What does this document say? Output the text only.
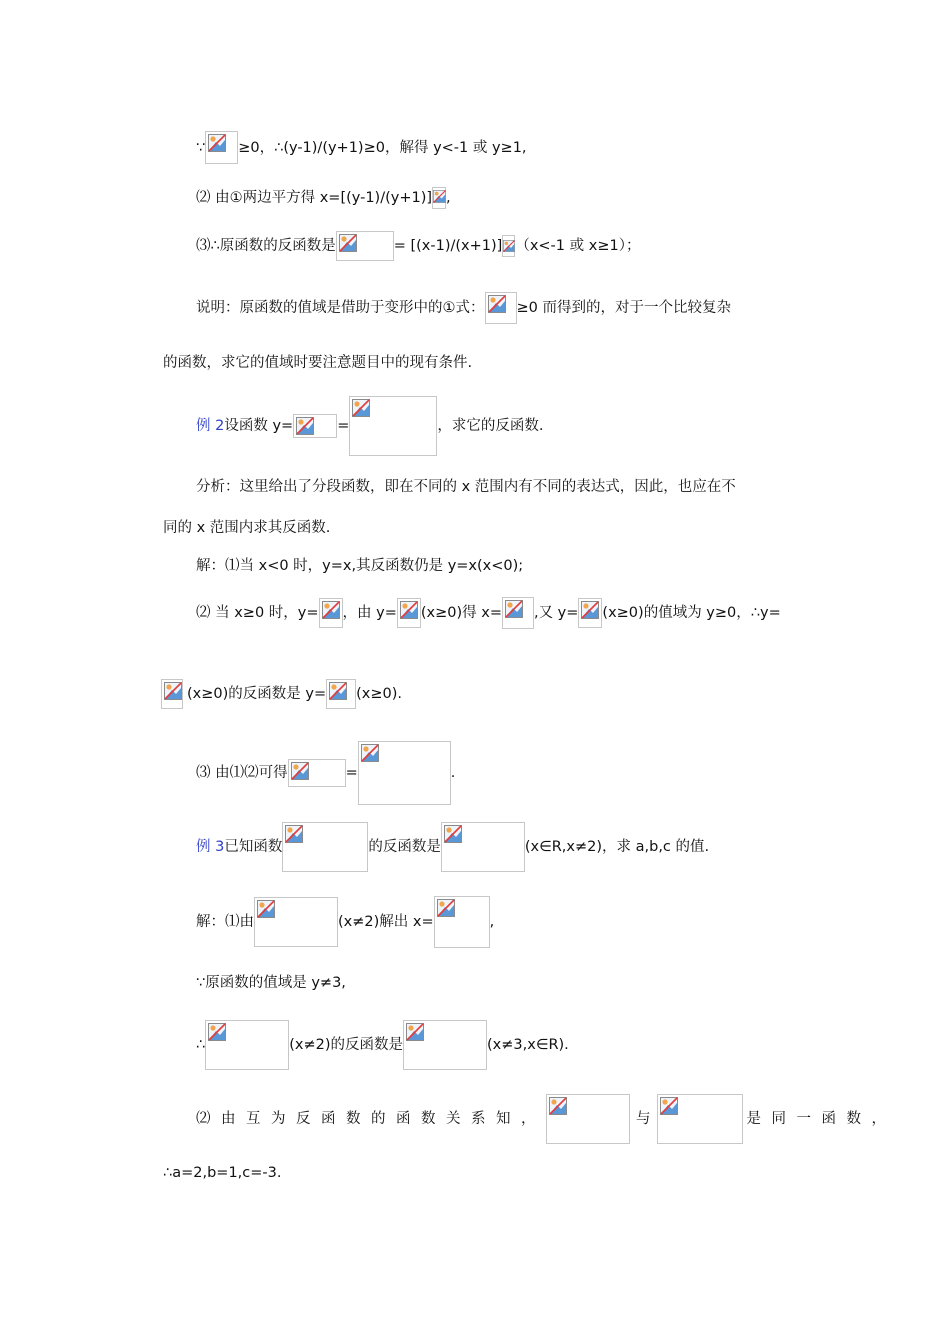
∵ ≥0，∴(y-1)/(y+1)≥0，解得 y<-1 或 y≥1,
⑵ 由①两边平方得 x=[(y-1)/(y+1)] ,
⑶∴原函数的反函数是	= [(x-1)/(x+1)] （x<-1 或 x≥1）；
说明：原函数的值域是借助于变形中的①式： ≥0 而得到的，对于一个比较复杂
的函数，求它的值域时要注意题目中的现有条件.
例 2设函数 y=	=	，求它的反函数.
分析：这里给出了分段函数，即在不同的 x 范围内有不同的表达式，因此，也应在不
同的 x 范围内求其反函数.
解：⑴当 x<0 时，y=x,其反函数仍是 y=x(x<0);
⑵ 当 x≥0 时，y= ，由 y= (x≥0)得 x= ,又 y= (x≥0)的值域为 y≥0，∴y=
(x≥0)的反函数是 y= (x≥0).
⑶ 由⑴⑵可得	=	.
例 3已知函数	的反函数是	(x∈R,x≠2)，求 a,b,c 的值.
解：⑴由	(x≠2)解出 x=	,
∵原函数的值域是 y≠3,
∴	(x≠2)的反函数是	(x≠3,x∈R).
⑵由互为反函数的函数关系知，	与	是同一函数，
∴a=2,b=1,c=-3.
